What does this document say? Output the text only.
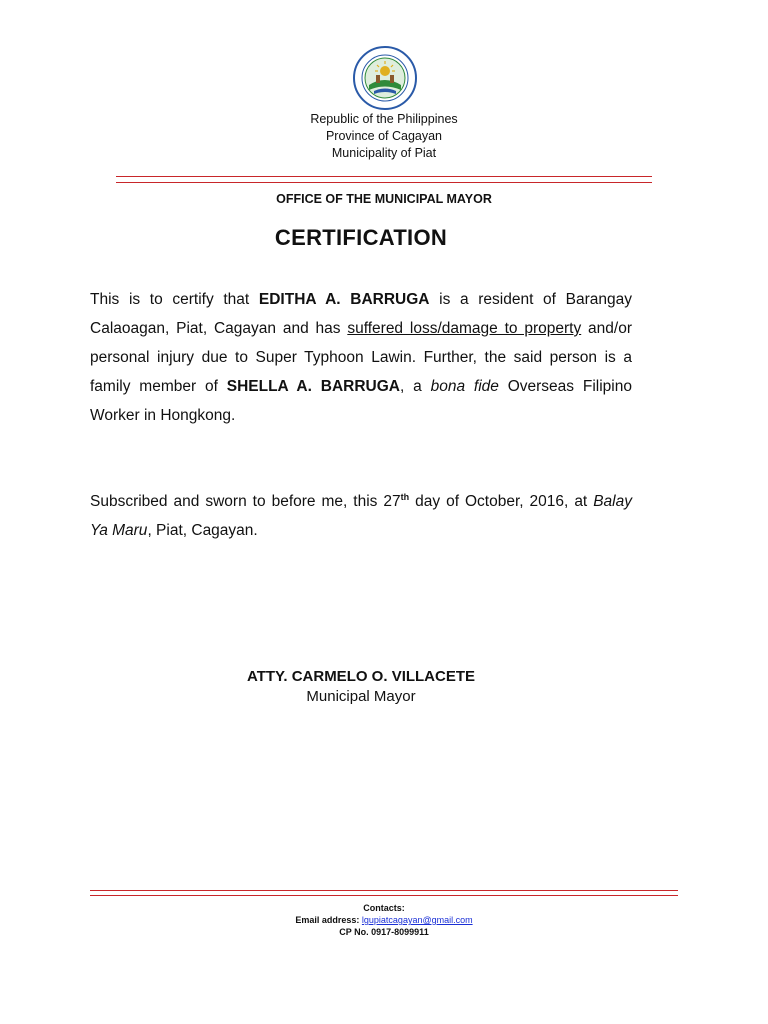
Republic of the Philippines
Province of Cagayan
Municipality of Piat
OFFICE OF THE MUNICIPAL MAYOR
CERTIFICATION
This is to certify that EDITHA A. BARRUGA is a resident of Barangay Calaoagan, Piat, Cagayan and has suffered loss/damage to property and/or personal injury due to Super Typhoon Lawin. Further, the said person is a family member of SHELLA A. BARRUGA, a bona fide Overseas Filipino Worker in Hongkong.
Subscribed and sworn to before me, this 27th day of October, 2016, at Balay Ya Maru, Piat, Cagayan.
ATTY. CARMELO O. VILLACETE
Municipal Mayor
Contacts:
Email address: lgupiatcagayan@gmail.com
CP No. 0917-8099911
